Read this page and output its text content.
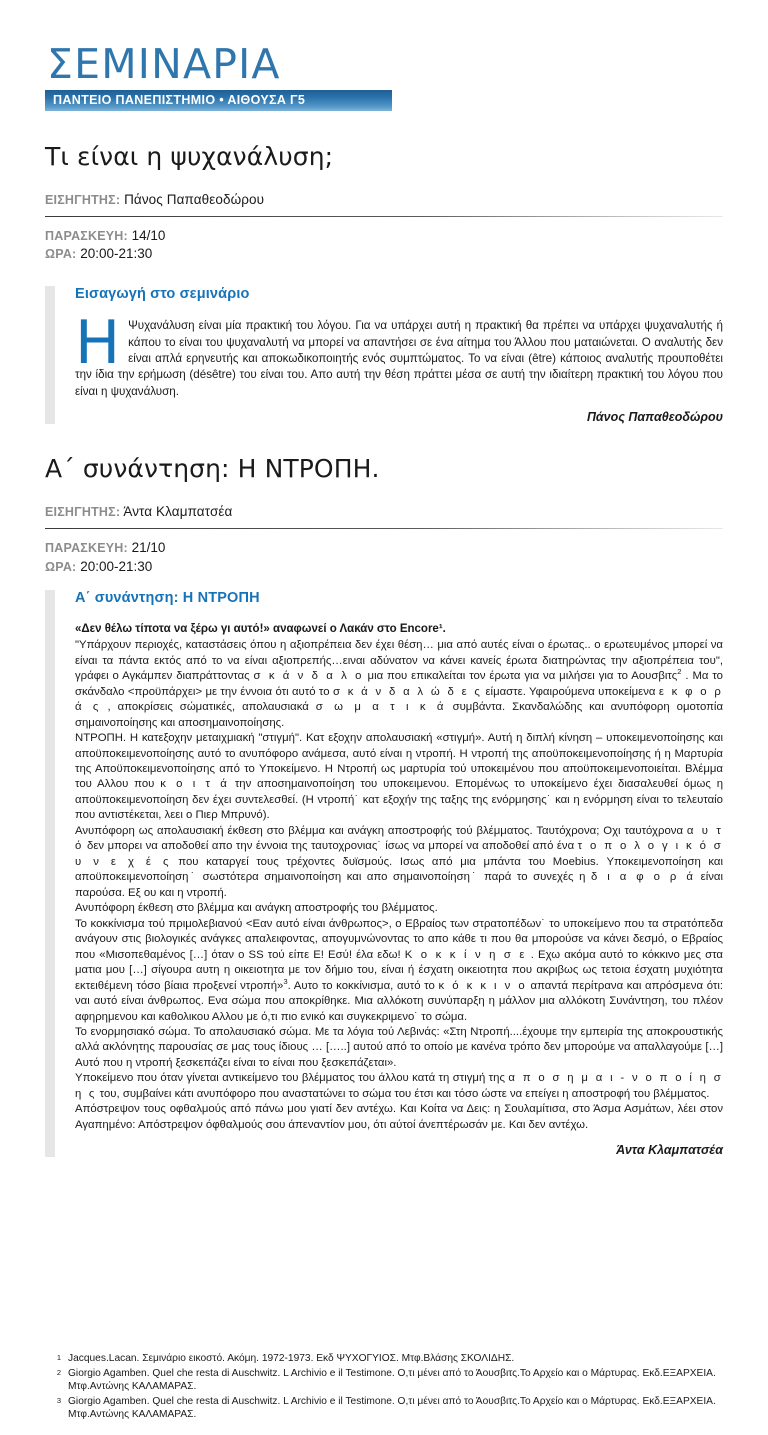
ΣΕΜΙΝΑΡΙΑ
ΠΑΝΤΕΙΟ ΠΑΝΕΠΙΣΤΗΜΙΟ • ΑΙΘΟΥΣΑ Γ5
Τι είναι η ψυχανάλυση;
ΕΙΣΗΓΗΤΗΣ: Πάνος Παπαθεοδώρου
ΠΑΡΑΣΚΕΥΗ: 14/10
ΩΡΑ: 20:00-21:30
Εισαγωγή στο σεμινάριο

Η Ψυχανάλυση είναι μία πρακτική του λόγου. Για να υπάρχει αυτή η πρακτική θα πρέπει να υπάρχει ψυχαναλυτής ή κάπου το είναι του ψυχαναλυτή να μπορεί να απαντήσει σε ένα αίτημα του Άλλου που ματαιώνεται. Ο αναλυτής δεν είναι απλά ερηνευτής και αποκωδικοποιητής ενός συμπτώματος. Το να είναι (être) κάποιος αναλυτής προυποθέτει την ίδια την ερήμωση (désêtre) του είναι του. Απο αυτή την θέση πράττει μέσα σε αυτή την ιδιαίτερη πρακτική του λόγου που είναι η ψυχανάλυση.

Πάνος Παπαθεοδώρου
Α΄ συνάντηση: Η ΝΤΡΟΠΗ.
ΕΙΣΗΓΗΤΗΣ: Άντα Κλαμπατσέα
ΠΑΡΑΣΚΕΥΗ: 21/10
ΩΡΑ: 20:00-21:30
Α΄ συνάντηση: Η ΝΤΡΟΠΗ

«Δεν θέλω τίποτα να ξέρω γι αυτό!» αναφωνεί ο Λακάν στο Encore¹.

"Υπάρχουν περιοχές, καταστάσεις όπου η αξιοπρέπεια δεν έχει θέση… μια από αυτές είναι ο έρωτας.. ο ερωτευμένος μπορεί να είναι τα πάντα εκτός από το να είναι αξιοπρεπής…ειναι αδύνατον να κάνει κανείς έρωτα διατηρώντας την αξιοπρέπεια του", γράφει ο Αγκάμπεν διαπράττοντας σ κ ά ν δ α λ ο μια που επικαλείται τον έρωτα για να μιλήσει για το Αουσβιτς$^2$ . Μα το σκάνδαλο <προϋπάρχει> με την έννοια ότι αυτό το σ κ ά ν δ α λ ώ δ ε ς είμαστε. Υφαιρούμενα υποκείμενα ε κ φ ο ρ ά ς , αποκρίσεις σώματικές, απολαυσιακά σ ω μ α τ ι κ ά συμβάντα. Σκανδαλώδης και ανυπόφορη ομοτοπία σημαινοποίησης και αποσημαινοποίησης.

ΝΤΡΟΠΗ. Η κατεξοχην μεταιχμιακή "στιγμή". Κατ εξοχην απολαυσιακή «στιγμή». Αυτή η διπλή κίνηση – υποκειμενοποίησης και αποϋποκειμενοποίησης αυτό το ανυπόφορο ανάμεσα, αυτό είναι η ντροπή. Η ντροπή της αποϋποκειμενοποίησης ή η Μαρτυρία της Αποϋποκειμενοποίησης από το Υποκείμενο. Η Ντροπή ως μαρτυρία τού υποκειμένου που αποϋποκειμενοποιείται. Βλέμμα του Αλλου που κ ο ι τ ά την αποσημαινοποίηση του υποκειμενου. Επομένως το υποκείμενο έχει διασαλευθεί όμως η αποϋποκειμενοποίηση δεν έχει συντελεσθεί. (Η ντροπή˙ κατ εξοχήν της ταξης της ενόρμησης˙ και η ενόρμηση είναι το τελευταίο που αντιστέκεται, λεει ο Πιερ Μπρυνό).

Ανυπόφορη ως απολαυσιακή έκθεση στο βλέμμα και ανάγκη αποστροφής τού βλέμματος. Ταυτόχρονα; Οχι ταυτόχρονα α υ τ ό δεν μπορει να αποδοθεί απο την έννοια της ταυτοχρονιας˙ ίσως να μπορεί να αποδοθεί από ένα τ ο π ο λ ο γ ι κ ό σ υ ν ε χ έ ς που καταργεί τους τρέχοντες δυϊσμούς. Ισως από μια μπάντα του Moebius. Υποκειμενοποίηση και αποϋποκειμενοποίηση˙ σωστότερα σημαινοποίηση και απο σημαινοποίηση˙ παρά το συνεχές η δ ι α φ ο ρ ά είναι παρούσα. Εξ ου και η ντροπή.

Ανυπόφορη έκθεση στο βλέμμα και ανάγκη αποστροφής του βλέμματος.

Το κοκκίνισμα τού πριμολεβιανού <Εαν αυτό είναι άνθρωπος>, ο Εβραίος των στρατοπέδων˙ το υποκείμενο που τα στρατόπεδα ανάγουν στις βιολογικές ανάγκες απαλειφοντας, απογυμνώνοντας το απο κάθε τι που θα μπορούσε να κάνει δεσμό, ο Εβραίος που «Μισοπεθαμένος […] όταν ο SS τού είπε Ε! Εσύ! έλα εδω! Κ ο κ κ ί ν η σ ε . Εχω ακόμα αυτό το κόκκινο μες στα ματια μου […] σίγουρα αυτη η οικειοτητα με τον δήμιο του, είναι ή έσχατη οικειοτητα που ακριβως ως τετοια έσχατη μυχιότητα εκτειθέμενη τόσο βίαια προξενεί ντροπή»$^3$. Αυτο το κοκκίνισμα, αυτό το κ ό κ κ ι ν ο απαντά περίτρανα και απρόσμενα ότι: ναι αυτό είναι άνθρωπος. Ενα σώμα που αποκρίθηκε. Μια αλλόκοτη συνύπαρξη η μάλλον μια αλλόκοτη Συνάντηση, του πλέον αφηρημενου και καθολικου Αλλου με ό,τι πιο ενικό και συγκεκριμενο˙ το σώμα.

Το ενορμησιακό σώμα. Το απολαυσιακό σώμα. Με τα λόγια τού Λεβινάς: «Στη Ντροπή....έχουμε την εμπειρία της αποκρουστικής αλλά ακλόνητης παρουσίας σε μας τους ίδιους … […..] αυτού από το οποίο με κανένα τρόπο δεν μπορούμε να απαλλαγούμε […] Αυτό που η ντροπή ξεσκεπάζει είναι το είναι που ξεσκεπάζεται».

Υποκείμενο που όταν γίνεται αντικείμενο του βλέμματος του άλλου κατά τη στιγμή της α π ο σ η μ α ι - ν ο π ο ί η σ η ς του, συμβαίνει κάτι ανυπόφορο που αναστατώνει το σώμα του έτσι και τόσο ώστε να επείγει η αποστροφή του βλέμματος.

Απόστρεψον τους οφθαλμούς από πάνω μου γιατί δεν αντέχω. Και Κοίτα να Δεις: η Σουλαμίτισα, στο Άσμα Ασμάτων, λέει στον Αγαπημένο: Απόστρεψον όφθαλμούς σου άπεναντίον μου, ότι αύτοί άνεπτέρωσάν με. Και δεν αντέχω.

Άντα Κλαμπατσέα
1 Jacques.Lacan. Σεμινάριο εικοστό. Ακόμη. 1972-1973. Εκδ ΨΥΧΟΓΥΙΟΣ. Μτφ.Βλάσης ΣΚΟΛΙΔΗΣ.
2 Giorgio Agamben. Quel che resta di Auschwitz. L Archivio e il Testimone. Ο,τι μένει από το Άουσβιτς.Το Αρχείο και ο Μάρτυρας. Εκδ.ΕΞΑΡΧΕΙΑ. Μτφ.Αντώνης ΚΑΛΑΜΑΡΑΣ.
3 Giorgio Agamben. Quel che resta di Auschwitz. L Archivio e il Testimone. Ο,τι μένει από το Άουσβιτς.Το Αρχείο και ο Μάρτυρας. Εκδ.ΕΞΑΡΧΕΙΑ. Μτφ.Αντώνης ΚΑΛΑΜΑΡΑΣ.
